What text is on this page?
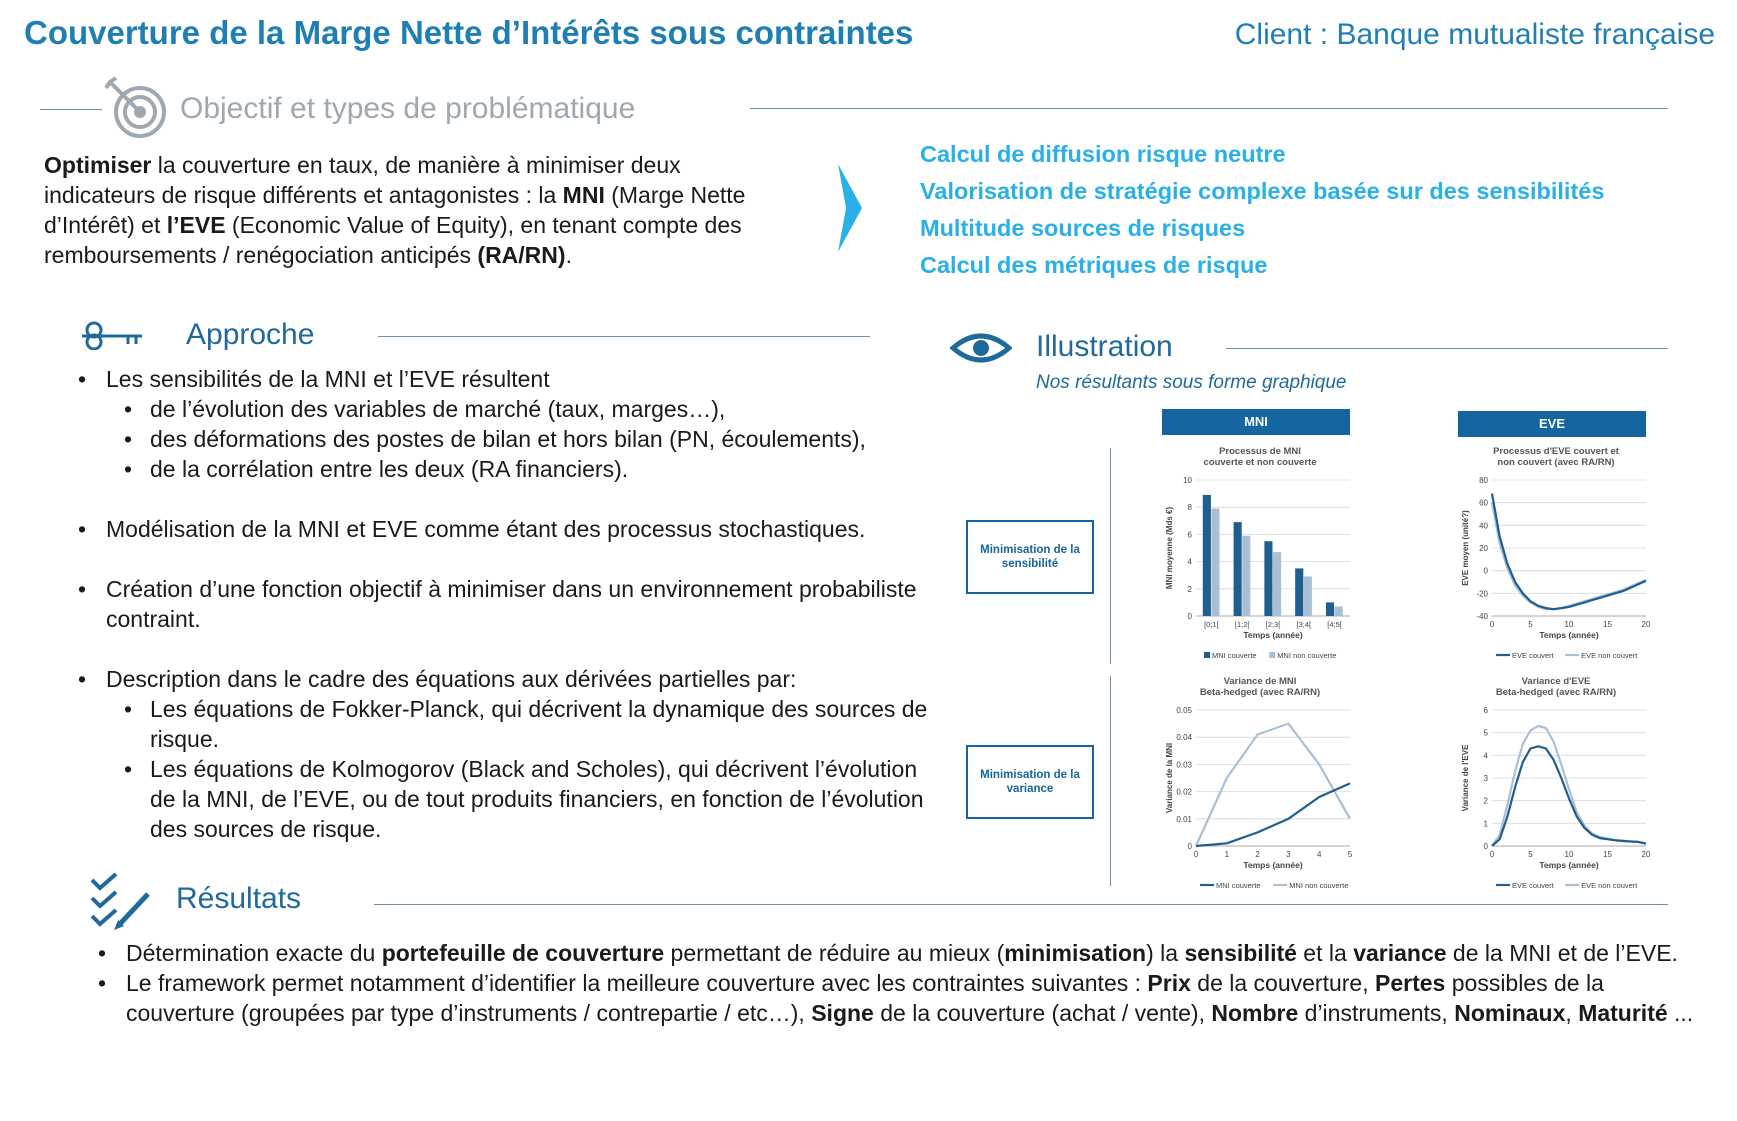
Couverture de la Marge Nette d’Intérêts sous contraintes	Client : Banque mutualiste française
Objectif et types de problématique
Optimiser la couverture en taux, de manière à minimiser deux indicateurs de risque différents et antagonistes : la MNI (Marge Nette d’Intérêt) et l’EVE (Economic Value of Equity), en tenant compte des remboursements / renégociation anticipés (RA/RN).
Calcul de diffusion risque neutre
Valorisation de stratégie complexe basée sur des sensibilités
Multitude sources de risques
Calcul des métriques de risque
Approche
• Les sensibilités de la MNI et l’EVE résultent
• de l’évolution des variables de marché (taux, marges…),
• des déformations des postes de bilan et hors bilan (PN, écoulements),
• de la corrélation entre les deux (RA financiers).
• Modélisation de la MNI et EVE comme étant des processus stochastiques.
• Création d’une fonction objectif à minimiser dans un environnement probabiliste contraint.
• Description dans le cadre des équations aux dérivées partielles par:
• Les équations de Fokker-Planck, qui décrivent la dynamique des sources de risque.
• Les équations de Kolmogorov (Black and Scholes), qui décrivent l’évolution de la MNI, de l’EVE, ou de tout produits financiers, en fonction de l’évolution des sources de risque.
Illustration
Nos résultants sous forme graphique
MNI	EVE
Minimisation de la sensibilité
Minimisation de la variance
Processus de MNI couverte et non couverte
0
2
4
6
8
10
MNI moyenne (Mds €)
Temps (année)
[0;1[ [1;2[ [2;3[ [3;4[ [4;5[
MNI couverte	MNI non couverte
Processus d'EVE couvert et non couvert (avec RA/RN)
-40
-20
0
20
40
60
80
EVE moyen (unité?)
Temps (année)
0	5	10	15	20
EVE couvert	EVE non couvert
Variance de MNI Beta-hedged (avec RA/RN)
0
0.01
0.02
0.03
0.04
0.05
Variance de la MNI
Temps (année)
0	1	2	3	4	5
MNI couverte	MNI non couverte
Variance d'EVE Beta-hedged (avec RA/RN)
0
1
2
3
4
5
6
Variance de l'EVE
Temps (année)
0	5	10	15	20
EVE couvert	EVE non couvert
Résultats
• Détermination exacte du portefeuille de couverture permettant de réduire au mieux (minimisation) la sensibilité et la variance de la MNI et de l’EVE.
• Le framework permet notamment d’identifier la meilleure couverture avec les contraintes suivantes : Prix de la couverture, Pertes possibles de la couverture (groupées par type d’instruments / contrepartie / etc…), Signe de la couverture (achat / vente), Nombre d’instruments, Nominaux, Maturité ...
